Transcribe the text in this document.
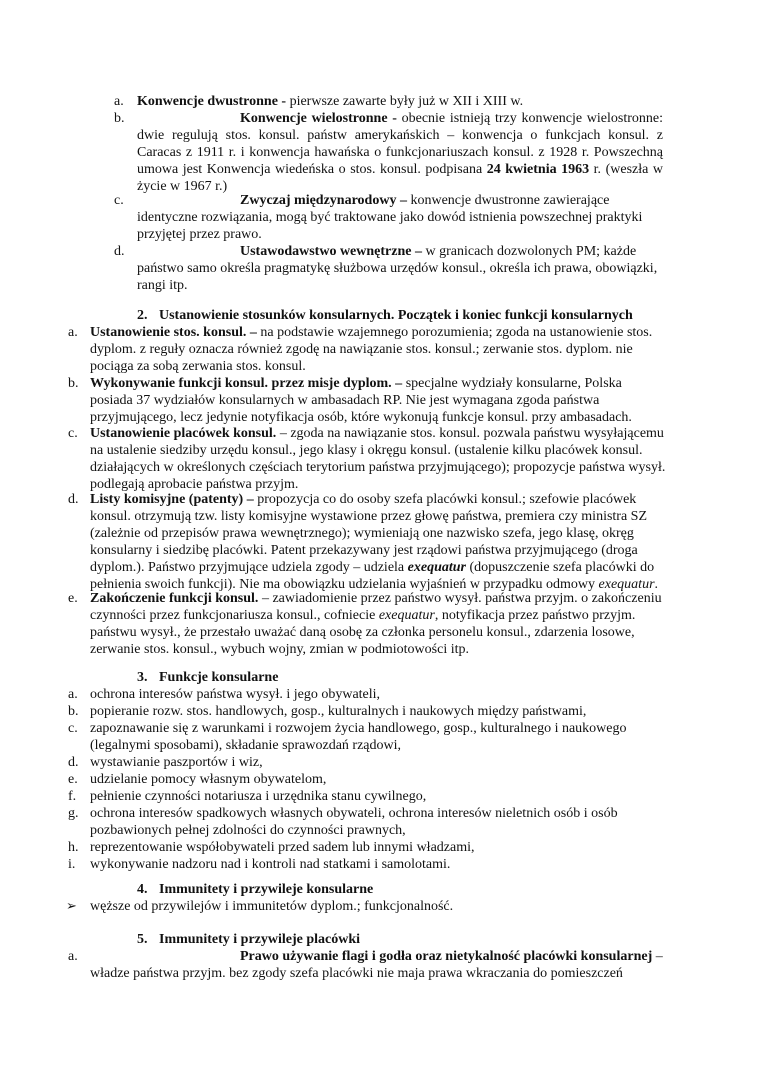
a. Konwencje dwustronne - pierwsze zawarte były już w XII i XIII w.
b.	Konwencje wielostronne - obecnie istnieją trzy konwencje wielostronne: dwie regulują stos. konsul. państw amerykańskich – konwencja o funkcjach konsul. z Caracas z 1911 r. i konwencja hawańska o funkcjonariuszach konsul. z 1928 r. Powszechną umowa jest Konwencja wiedeńska o stos. konsul. podpisana 24 kwietnia 1963 r. (weszła w życie w 1967 r.)
c.	Zwyczaj międzynarodowy – konwencje dwustronne zawierające identyczne rozwiązania, mogą być traktowane jako dowód istnienia powszechnej praktyki przyjętej przez prawo.
d.	Ustawodawstwo wewnętrzne – w granicach dozwolonych PM; każde państwo samo określa pragmatykę służbowa urzędów konsul., określa ich prawa, obowiązki, rangi itp.
2. Ustanowienie stosunków konsularnych. Początek i koniec funkcji konsularnych
a. Ustanowienie stos. konsul. – na podstawie wzajemnego porozumienia; zgoda na ustanowienie stos. dyplom. z reguły oznacza również zgodę na nawiązanie stos. konsul.; zerwanie stos. dyplom. nie pociąga za sobą zerwania stos. konsul.
b. Wykonywanie funkcji konsul. przez misje dyplom. – specjalne wydziały konsularne, Polska posiada 37 wydziałów konsularnych w ambasadach RP. Nie jest wymagana zgoda państwa przyjmującego, lecz jedynie notyfikacja osób, które wykonują funkcje konsul. przy ambasadach.
c. Ustanowienie placówek konsul. – zgoda na nawiązanie stos. konsul. pozwala państwu wysyłającemu na ustalenie siedziby urzędu konsul., jego klasy i okręgu konsul. (ustalenie kilku placówek konsul. działających w określonych częściach terytorium państwa przyjmującego); propozycje państwa wysył. podlegają aprobacie państwa przyjm.
d. Listy komisyjne (patenty) – propozycja co do osoby szefa placówki konsul.; szefowie placówek konsul. otrzymują tzw. listy komisyjne wystawione przez głowę państwa, premiera czy ministra SZ (zależnie od przepisów prawa wewnętrznego); wymieniają one nazwisko szefa, jego klasę, okręg konsularny i siedzibę placówki. Patent przekazywany jest rządowi państwa przyjmującego (droga dyplom.). Państwo przyjmujące udziela zgody – udziela exequatur (dopuszczenie szefa placówki do pełnienia swoich funkcji). Nie ma obowiązku udzielania wyjaśnień w przypadku odmowy exequatur.
e. Zakończenie funkcji konsul. – zawiadomienie przez państwo wysył. państwa przyjm. o zakończeniu czynności przez funkcjonariusza konsul., cofniecie exequatur, notyfikacja przez państwo przyjm. państwu wysył., że przestało uważać daną osobę za członka personelu konsul., zdarzenia losowe, zerwanie stos. konsul., wybuch wojny, zmian w podmiotowości itp.
3. Funkcje konsularne
a. ochrona interesów państwa wysył. i jego obywateli,
b. popieranie rozw. stos. handlowych, gosp., kulturalnych i naukowych między państwami,
c. zapoznawanie się z warunkami i rozwojem życia handlowego, gosp., kulturalnego i naukowego (legalnymi sposobami), składanie sprawozdań rządowi,
d. wystawianie paszportów i wiz,
e. udzielanie pomocy własnym obywatelom,
f. pełnienie czynności notariusza i urzędnika stanu cywilnego,
g. ochrona interesów spadkowych własnych obywateli, ochrona interesów nieletnich osób i osób pozbawionych pełnej zdolności do czynności prawnych,
h. reprezentowanie współobywateli przed sadem lub innymi władzami,
i. wykonywanie nadzoru nad i kontroli nad statkami i samolotami.
4. Immunitety i przywileje konsularne
➢ węższe od przywilejów i immunitetów dyplom.; funkcjonalność.
5. Immunitety i przywileje placówki
a.	Prawo używanie flagi i godła oraz nietykalność placówki konsularnej – władze państwa przyjm. bez zgody szefa placówki nie maja prawa wkraczania do pomieszczeń
